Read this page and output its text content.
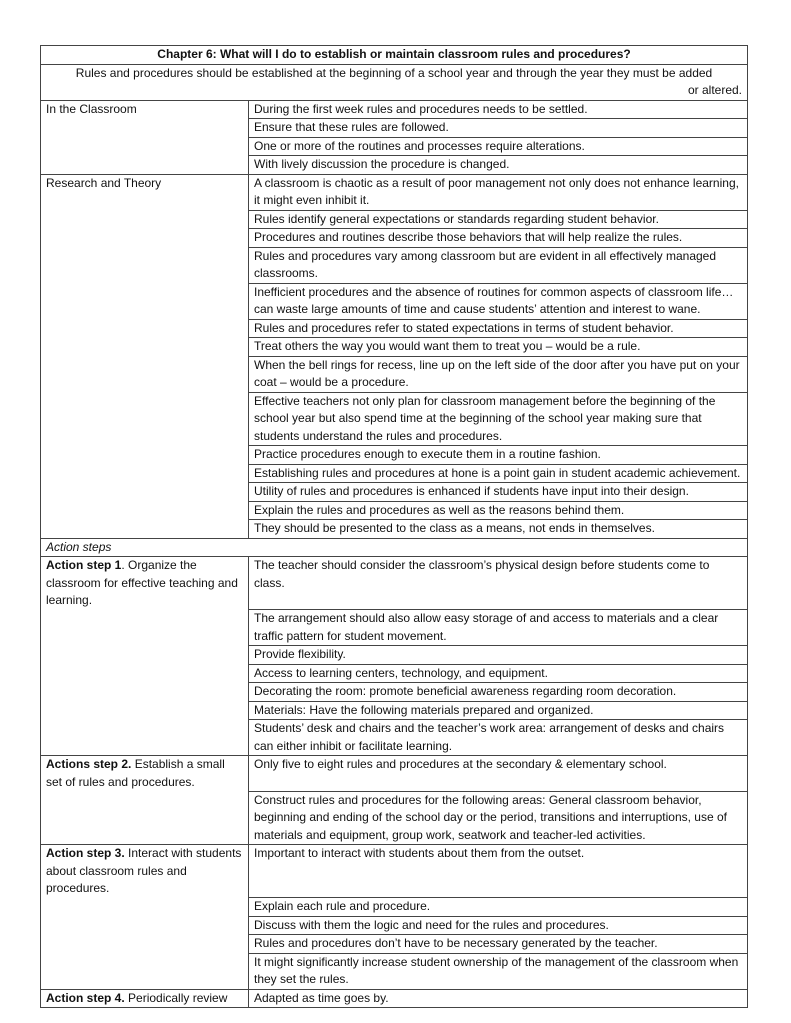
Chapter 6: What will I do to establish or maintain classroom rules and procedures?	
Rules and procedures should be established at the beginning of a school year and through the year they must be added
or altered.	

In the Classroom	During the first week rules and procedures needs to be settled.
	Ensure that these rules are followed.
	One or more of the routines and processes require alterations.
	With lively discussion the procedure is changed.
Research and Theory	A classroom is chaotic as a result of poor management not only does not enhance learning, it might even inhibit it.
	Rules identify general expectations or standards regarding student behavior.
	Procedures and routines describe those behaviors that will help realize the rules.
	Rules and procedures vary among classroom but are evident in all effectively managed classrooms.
	Inefficient procedures and the absence of routines for common aspects of classroom life… can waste large amounts of time and cause students’ attention and interest to wane.
	Rules and procedures refer to stated expectations in terms of student behavior.
	Treat others the way you would want them to treat you – would be a rule.
	When the bell rings for recess, line up on the left side of the door after you have put on your coat – would be a procedure.
	Effective teachers not only plan for classroom management before the beginning of the school year but also spend time at the beginning of the school year making sure that students understand the rules and procedures.
	Practice procedures enough to execute them in a routine fashion.
	Establishing rules and procedures at hone is a point gain in student academic achievement.
	Utility of rules and procedures is enhanced if students have input into their design.
	Explain the rules and procedures as well as the reasons behind them.
	They should be presented to the class as a means, not ends in themselves.
Action steps	
Action step 1. Organize the classroom for effective teaching and learning.	The teacher should consider the classroom’s physical design before students come to class.
	The arrangement should also allow easy storage of and access to materials and a clear traffic pattern for student movement.
	Provide flexibility.
	Access to learning centers, technology, and equipment.
	Decorating the room: promote beneficial awareness regarding room decoration.
	Materials: Have the following materials prepared and organized.
	Students’ desk and chairs and the teacher’s work area: arrangement of desks and chairs can either inhibit or facilitate learning.
Actions step 2. Establish a small set of rules and procedures.	Only five to eight rules and procedures at the secondary & elementary school.
	Construct rules and procedures for the following areas: General classroom behavior, beginning and ending of the school day or the period, transitions and interruptions, use of materials and equipment, group work, seatwork and teacher-led activities.
Action step 3. Interact with students about classroom rules and procedures.	Important to interact with students about them from the outset.
	Explain each rule and procedure.
	Discuss with them the logic and need for the rules and procedures.
	Rules and procedures don’t have to be necessary generated by the teacher.
	It might significantly increase student ownership of the management of the classroom when they set the rules.
Action step 4. Periodically review	Adapted as time goes by.
